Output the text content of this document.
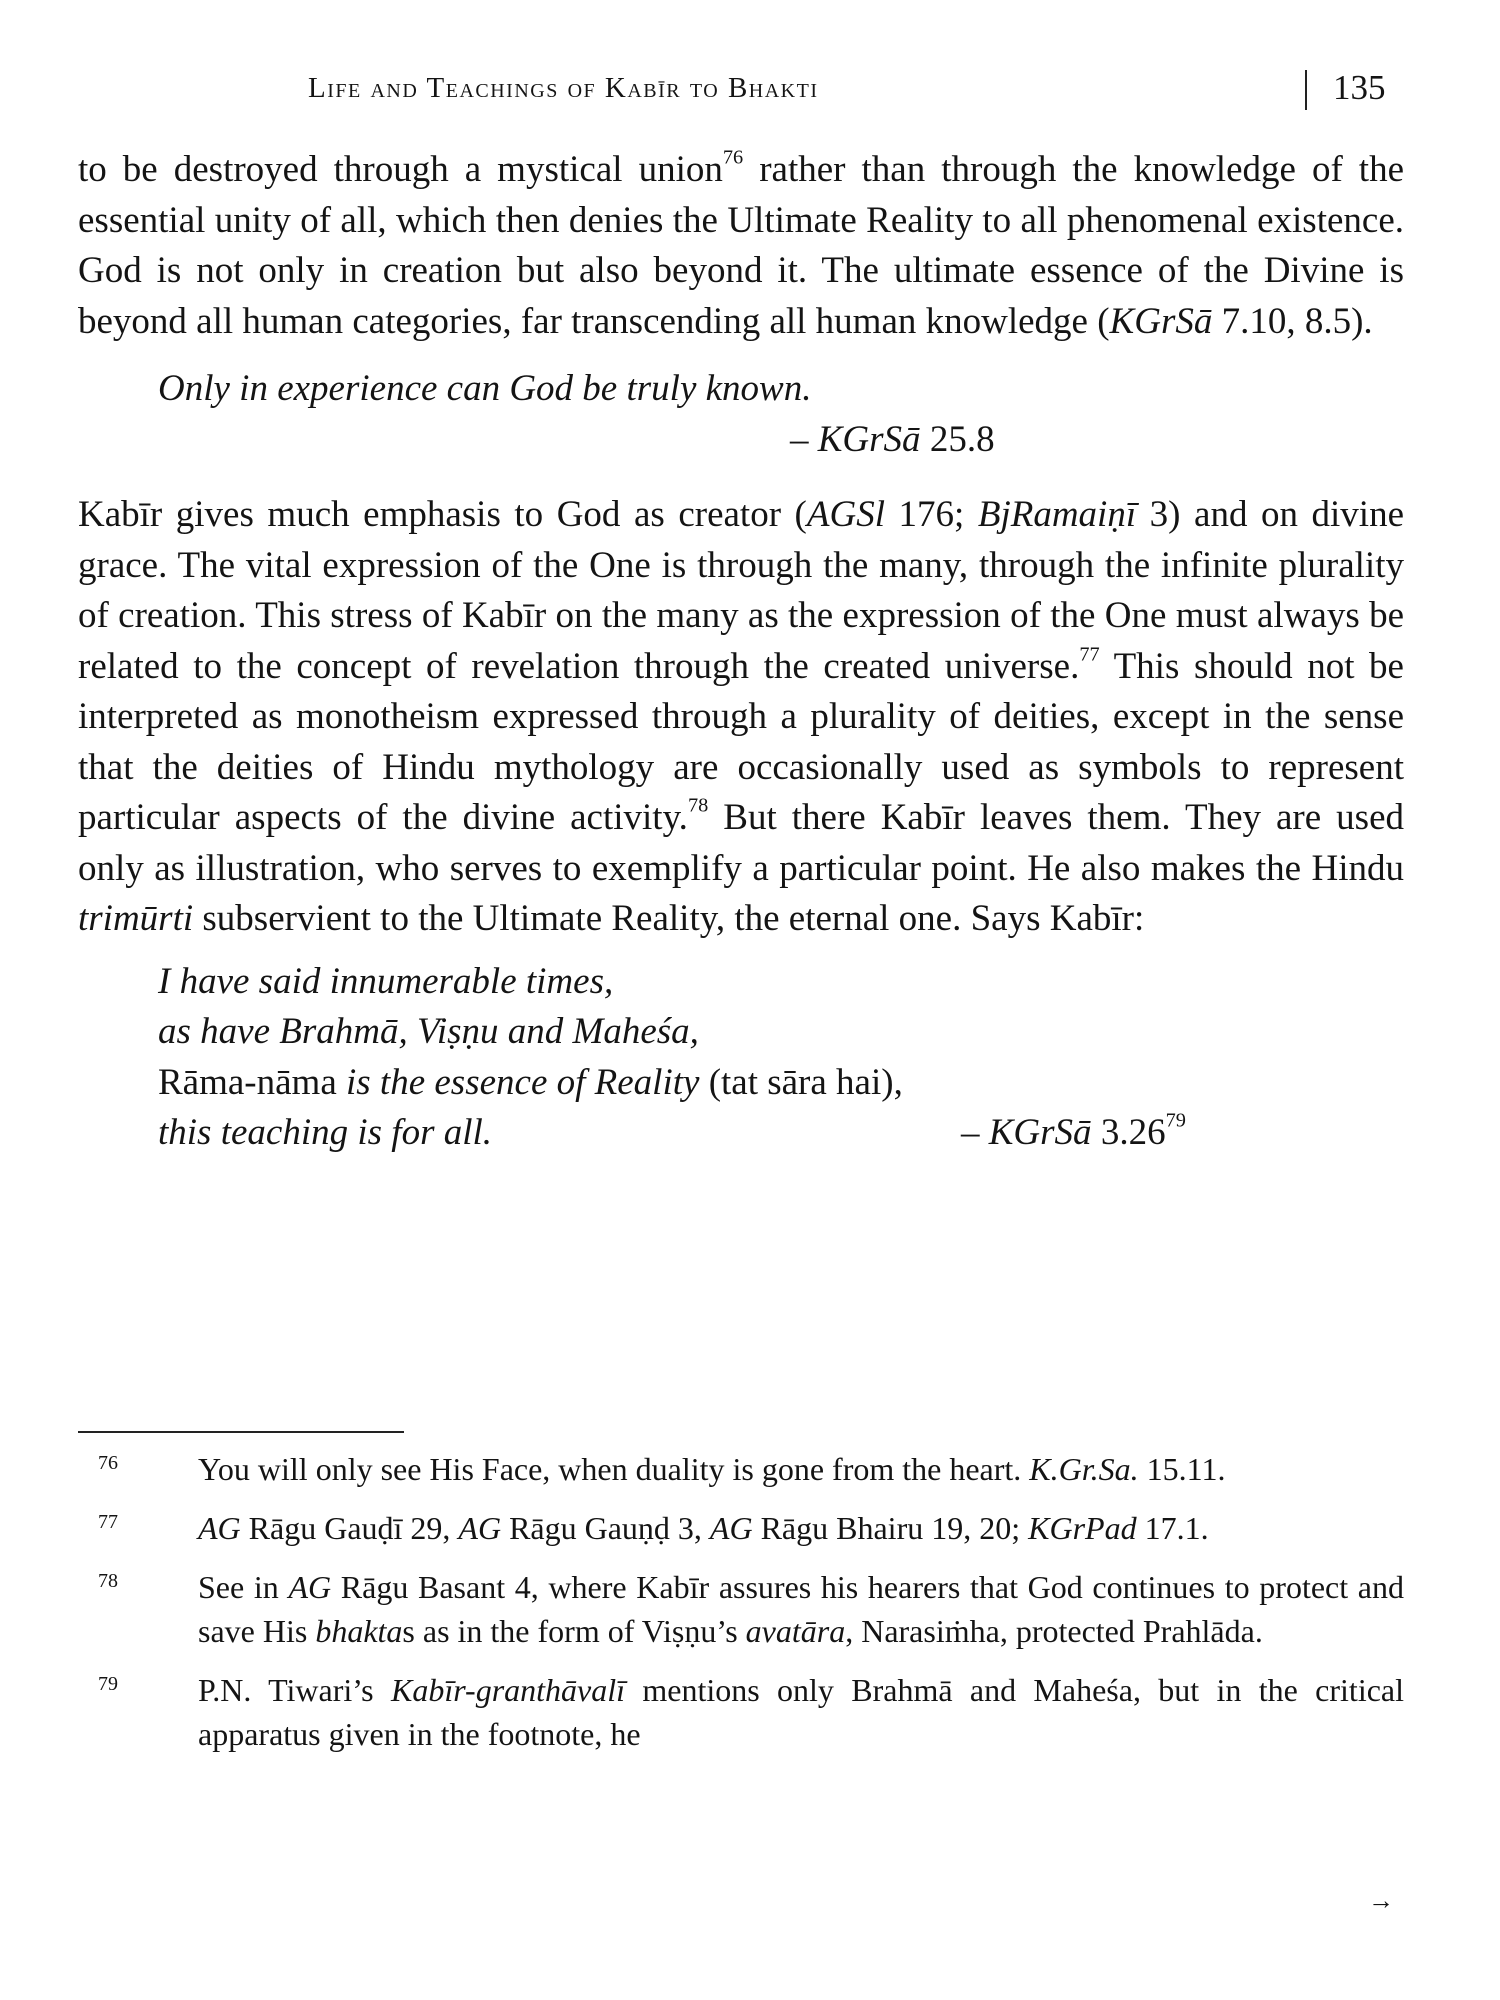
Life and Teachings of Kabīr to Bhakti	135

to be destroyed through a mystical union$^{76}$ rather than through the knowledge of the essential unity of all, which then denies the Ultimate Reality to all phenomenal existence. God is not only in creation but also beyond it. The ultimate essence of the Divine is beyond all human categories, far transcending all human knowledge (KGrSā 7.10, 8.5).

Only in experience can God be truly known.
– KGrSā 25.8

Kabīr gives much emphasis to God as creator (AGSl 176; BjRamaiṇī 3) and on divine grace. The vital expression of the One is through the many, through the infinite plurality of creation. This stress of Kabīr on the many as the expression of the One must always be related to the concept of revelation through the created universe.$^{77}$ This should not be interpreted as monotheism expressed through a plurality of deities, except in the sense that the deities of Hindu mythology are occasionally used as symbols to represent particular aspects of the divine activity.$^{78}$ But there Kabīr leaves them. They are used only as illustration, who serves to exemplify a particular point. He also makes the Hindu trimūrti subservient to the Ultimate Reality, the eternal one. Says Kabīr:

I have said innumerable times,
as have Brahmā, Viṣṇu and Maheśa,
Rāma-nāma is the essence of Reality (tat sāra hai),
this teaching is for all.	– KGrSā 3.26$^{79}$
76	You will only see His Face, when duality is gone from the heart. K.Gr.Sa. 15.11.
77	AG Rāgu Gauḍī 29, AG Rāgu Gauṇḍ 3, AG Rāgu Bhairu 19, 20; KGrPad 17.1.
78	See in AG Rāgu Basant 4, where Kabīr assures his hearers that God continues to protect and save His bhaktas as in the form of Viṣṇu’s avatāra, Narasiṁha, protected Prahlāda.
79	P.N. Tiwari’s Kabīr-granthāvalī mentions only Brahmā and Maheśa, but in the critical apparatus given in the footnote, he
→
